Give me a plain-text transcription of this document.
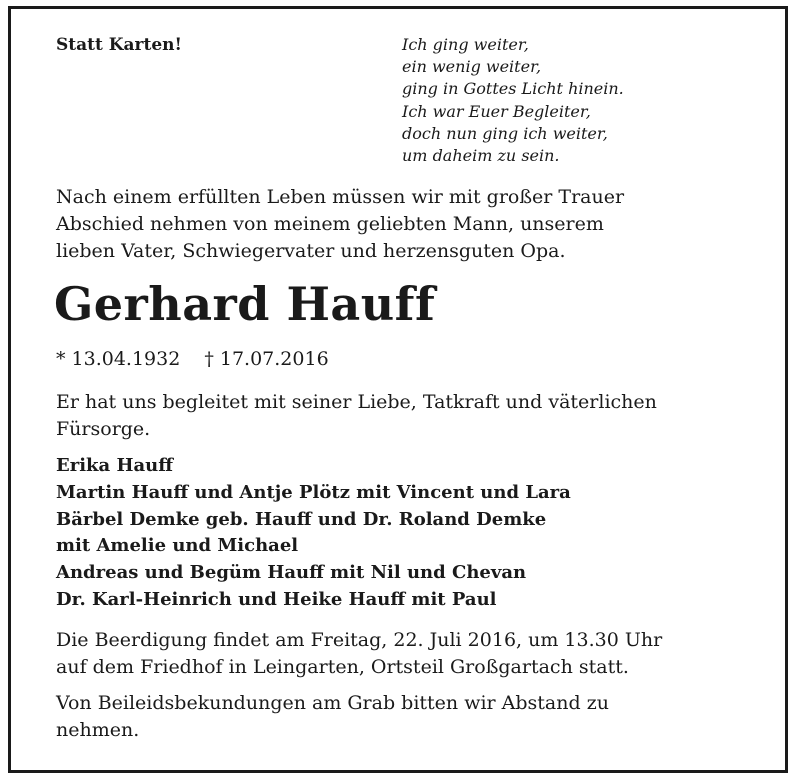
Statt Karten!	Ich ging weiter,
ein wenig weiter,
ging in Gottes Licht hinein.
Ich war Euer Begleiter,
doch nun ging ich weiter,
um daheim zu sein.
Nach einem erfüllten Leben müssen wir mit großer Trauer
Abschied nehmen von meinem geliebten Mann, unserem
lieben Vater, Schwiegervater und herzensguten Opa.
Gerhard Hauff
* 13.04.1932 † 17.07.2016
Er hat uns begleitet mit seiner Liebe, Tatkraft und väterlichen
Fürsorge.
Erika Hauff
Martin Hauff und Antje Plötz mit Vincent und Lara
Bärbel Demke geb. Hauff und Dr. Roland Demke
mit Amelie und Michael
Andreas und Begüm Hauff mit Nil und Chevan
Dr. Karl-Heinrich und Heike Hauff mit Paul
Die Beerdigung findet am Freitag, 22. Juli 2016, um 13.30 Uhr
auf dem Friedhof in Leingarten, Ortsteil Großgartach statt.
Von Beileidsbekundungen am Grab bitten wir Abstand zu
nehmen.
